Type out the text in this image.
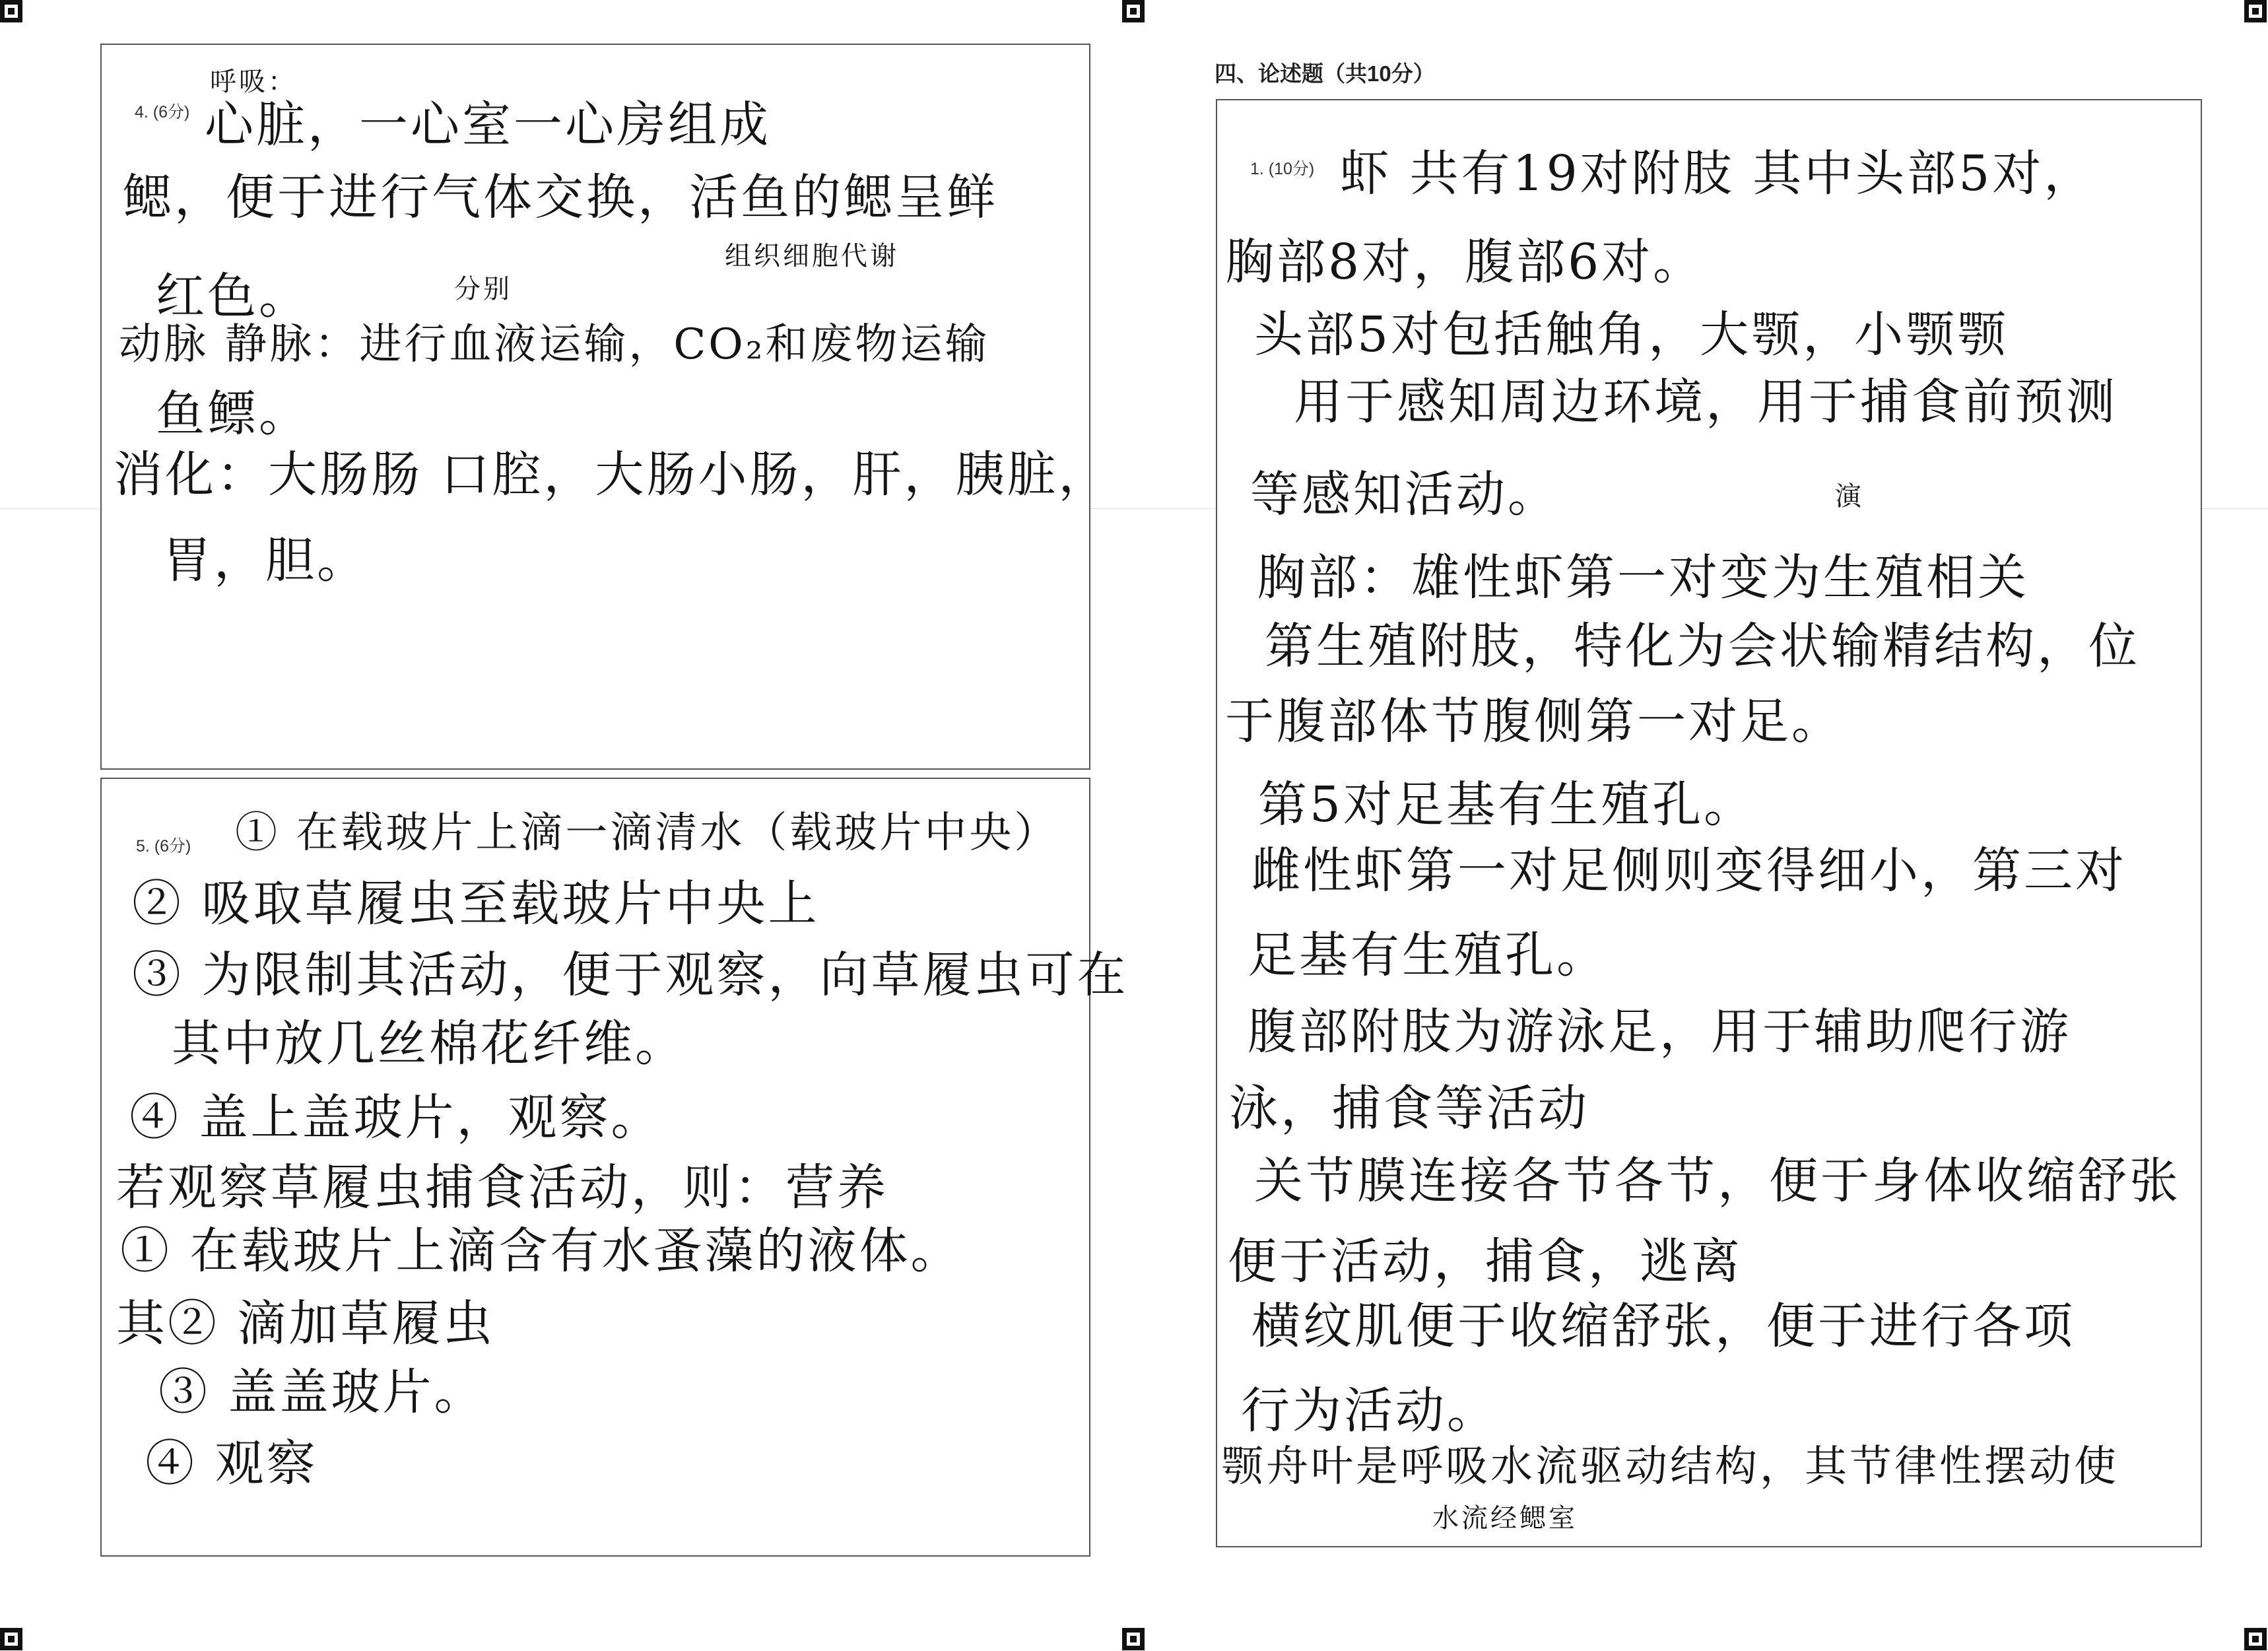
4. (6分)
呼吸：
心脏，一心室一心房组成
鳃，便于进行气体交换，活鱼的鳃呈鲜
红色。
组织细胞代谢
分别
动脉 静脉：进行血液运输，CO₂和废物运输
鱼鳔。
消化：大肠肠 口腔，大肠小肠，肝，胰脏，
胃，胆。
5. (6分) ① 在载玻片上滴一滴清水（载玻片中央）
② 吸取草履虫至载玻片中央上
③ 为限制其活动，便于观察，向草履虫可在
其中放几丝棉花纤维。
④ 盖上盖玻片，观察。
若观察草履虫捕食活动，则：营养
① 在载玻片上滴含有水蚤藻的液体。
其② 滴加草履虫
③ 盖盖玻片。
④ 观察
四、论述题（共10分）
1. (10分) 虾 共有19对附肢 其中头部5对，
胸部8对，腹部6对。
头部5对包括触角，大颚，小颚颚
用于感知周边环境，用于捕食前预测
等感知活动。	演
胸部：雄性虾第一对变为生殖相关
第生殖附肢，特化为会状输精结构，位
于腹部体节腹侧第一对足。
第5对足基有生殖孔。
雌性虾第一对足侧则变得细小，第三对
足基有生殖孔。
腹部附肢为游泳足，用于辅助爬行游
泳，捕食等活动
关节膜连接各节各节，便于身体收缩舒张
便于活动，捕食，逃离
横纹肌便于收缩舒张，便于进行各项
行为活动。
颚舟叶是呼吸水流驱动结构，其节律性摆动使
水流经鳃室
